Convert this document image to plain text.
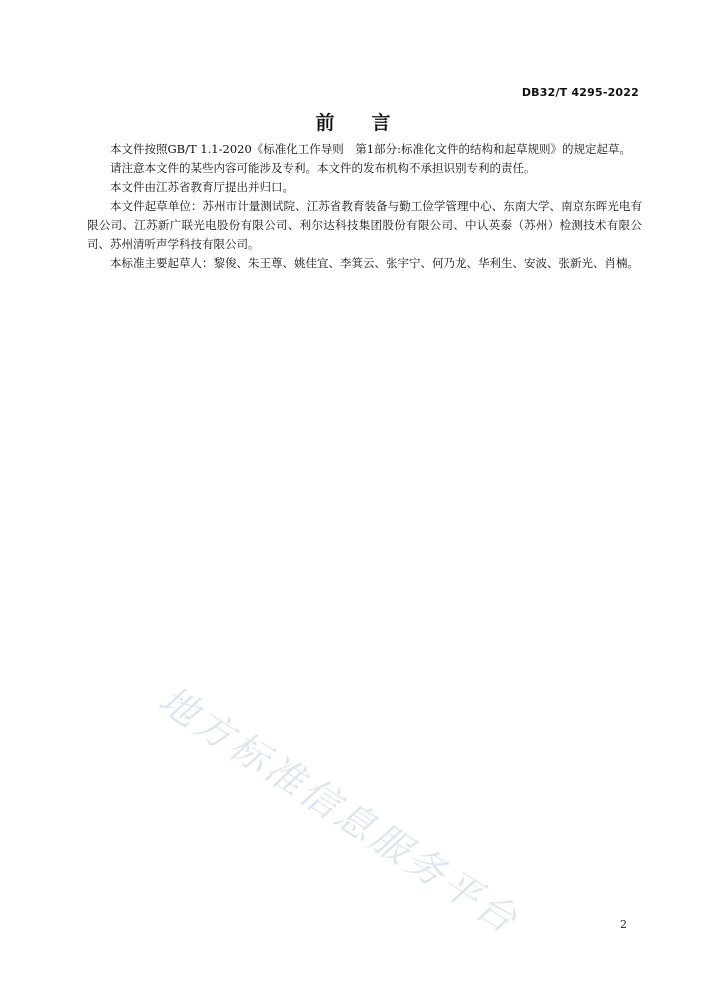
DB32/T 4295-2022
前 言

本文件按照GB/T 1.1-2020《标准化工作导则　第1部分:标准化文件的结构和起草规则》的规定起草。

请注意本文件的某些内容可能涉及专利。本文件的发布机构不承担识别专利的责任。

本文件由江苏省教育厅提出并归口。

本文件起草单位：苏州市计量测试院、江苏省教育装备与勤工俭学管理中心、东南大学、南京东晖光电有限公司、江苏新广联光电股份有限公司、利尔达科技集团股份有限公司、中认英泰（苏州）检测技术有限公司、苏州清听声学科技有限公司。

本标准主要起草人：黎俊、朱王尊、姚佳宜、李箕云、张宇宁、何乃龙、华利生、安波、张新光、肖楠。

地方标准信息服务平台	2
